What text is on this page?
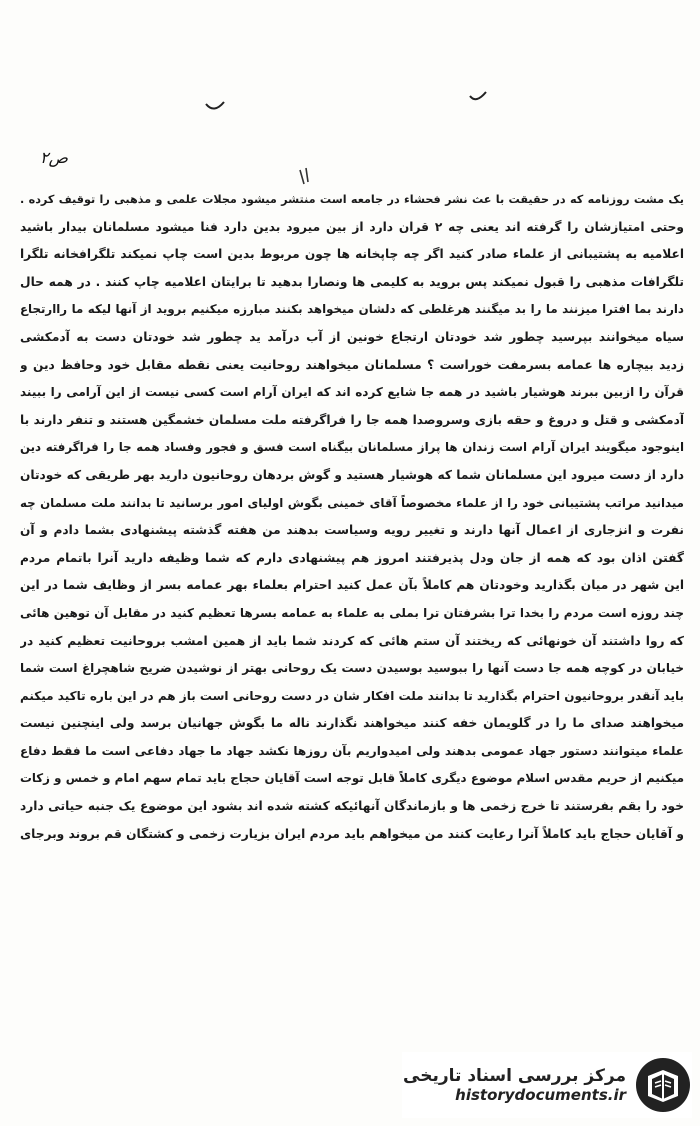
ص۲
یک مشت روزنامه که در حقیقت با عث نشر فحشاء در جامعه است منتشر میشود مجلات علمی و مذهبی را توقیف کرده .
وحتی امتیازشان را گرفته اند یعنی چه ۲ قران دارد از بین میرود بدین دارد فنا میشود مسلمانان بیدار باشید
اعلامیه به پشتیبانی از علماء صادر کنید اگر چه چاپخانه ها چون مربوط بدین است چاپ نمیکند تلگرافخانه تلگرا
تلگرافات مذهبی را قبول نمیکند پس بروید به کلیمی ها ونصارا بدهید تا برایتان اعلامیه چاپ کنند . در همه حال
دارند بما افترا میزنند ما را بد میگنند هرغلطی که دلشان میخواهد بکنند مبارزه میکنیم بروید از آنها لیکه ما راارتجاع
سیاه میخوانند بپرسید چطور شد خودتان ارتجاع خونین از آب درآمد ید چطور شد خودتان دست به آدمکشی
زدید بیچاره ها عمامه بسرمفت خوراست ؟ مسلمانان میخواهند روحانیت یعنی نقطه مقابل خود وحافظ دین و
قرآن را ازبین ببرند هوشیار باشید در همه جا شایع کرده اند که ایران آرام است کسی نیست از این آرامی را ببیند
آدمکشی و قتل و دروغ و حقه بازی وسروصدا همه جا را فراگرفته ملت مسلمان خشمگین هستند و تنفر دارند با
اینوجود میگویند ایران آرام است زندان ها پراز مسلمانان بیگناه است فسق و فجور وفساد همه جا را فراگرفته دین
دارد از دست میرود این مسلمانان شما که هوشیار هستید و گوش بردهان روحانیون دارید بهر طریقی که خودتان
میدانید مراتب پشتیبانی خود را از علماء مخصوصاً آقای خمینی بگوش اولیای امور برسانید تا بدانند ملت مسلمان چه
نفرت و انزجاری از اعمال آنها دارند و تغییر رویه وسیاست بدهند من هفته گذشته پیشنهادی بشما دادم و آن
گفتن اذان بود که همه از جان ودل پذیرفتند امروز هم پیشنهادی دارم که شما وظیفه دارید آنرا باتمام مردم
این شهر در میان بگذارید وخودتان هم کاملاً بآن عمل کنید احترام بعلماء بهر عمامه بسر از وظایف شما در این
چند روزه است مردم را بخدا ترا بشرفتان ترا بملی به علماء به عمامه بسرها تعظیم کنید در مقابل آن توهین هائی
که روا داشتند آن خونهائی که ریختند آن ستم هائی که کردند شما باید از همین امشب بروحانیت تعظیم کنید در
خیابان در کوچه همه جا دست آنها را ببوسید بوسیدن دست یک روحانی بهتر از نوشیدن ضریح شاهچراغ است شما
باید آنقدر بروحانیون احترام بگذارید تا بدانند ملت افکار شان در دست روحانی است باز هم در این باره تاکید میکنم
میخواهند صدای ما را در گلویمان خفه کنند میخواهند نگذارند ناله ما بگوش جهانیان برسد ولی اینچنین نیست
علماء میتوانند دستور جهاد عمومی بدهند ولی امیدواریم بآن روزها نکشد جهاد ما جهاد دفاعی است ما فقط دفاع
میکنیم از حریم مقدس اسلام موضوع دیگری کاملاً قابل توجه است آقایان حجاج باید تمام سهم امام و خمس و زکات
خود را بقم بفرستند تا خرج زخمی ها و بازماندگان آنهائیکه کشته شده اند بشود این موضوع یک جنبه حیاتی دارد
و آقایان حجاج باید کاملاً آنرا رعایت کنند من میخواهم باید مردم ایران بزیارت زخمی و کشتگان قم بروند وبرجای
مرکز بررسی اسناد تاریخی
historydocuments.ir
